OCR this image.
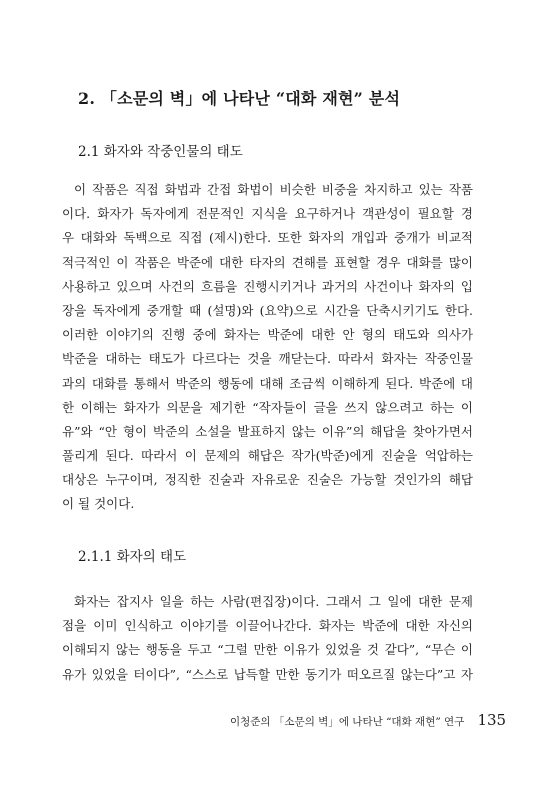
2. 「소문의 벽」에 나타난 “대화 재현” 분석
2.1 화자와 작중인물의 태도
이 작품은 직접 화법과 간접 화법이 비슷한 비중을 차지하고 있는 작품
이다. 화자가 독자에게 전문적인 지식을 요구하거나 객관성이 필요할 경
우 대화와 독백으로 직접 (제시)한다. 또한 화자의 개입과 중개가 비교적
적극적인 이 작품은 박준에 대한 타자의 견해를 표현할 경우 대화를 많이
사용하고 있으며 사건의 흐름을 진행시키거나 과거의 사건이나 화자의 입
장을 독자에게 중개할 때 (설명)와 (요약)으로 시간을 단축시키기도 한다.
이러한 이야기의 진행 중에 화자는 박준에 대한 안 형의 태도와 의사가
박준을 대하는 태도가 다르다는 것을 깨닫는다. 따라서 화자는 작중인물
과의 대화를 통해서 박준의 행동에 대해 조금씩 이해하게 된다. 박준에 대
한 이해는 화자가 의문을 제기한 “작자들이 글을 쓰지 않으려고 하는 이
유”와 “안 형이 박준의 소설을 발표하지 않는 이유”의 해답을 찾아가면서
풀리게 된다. 따라서 이 문제의 해답은 작가(박준)에게 진술을 억압하는
대상은 누구이며, 정직한 진술과 자유로운 진술은 가능할 것인가의 해답
이 될 것이다.
2.1.1 화자의 태도
화자는 잡지사 일을 하는 사람(편집장)이다. 그래서 그 일에 대한 문제
점을 이미 인식하고 이야기를 이끌어나간다. 화자는 박준에 대한 자신의
이해되지 않는 행동을 두고 “그럴 만한 이유가 있었을 것 같다”, “무슨 이
유가 있었을 터이다”, “스스로 납득할 만한 동기가 떠오르질 않는다”고 자
이청준의 「소문의 벽」에 나타난 “대화 재현” 연구 135
